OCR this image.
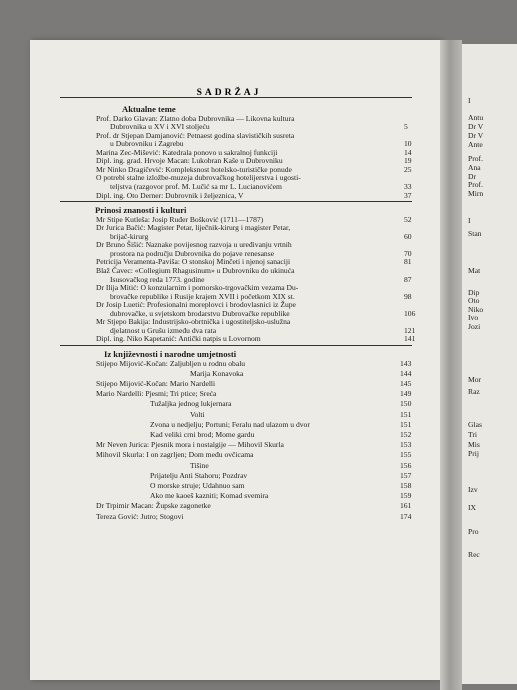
I
Antu
Dr V
Dr V
Ante
Prof.
Ana
Dr
Prof.
Mirn
I
Stan
Mat
Dip
Oto
Niko
Ivo
Jozi
Mor
Raz
Glas
Tri
Mis
Prij
Izv
IX
Pro
Rec
SADRŽAJ
Aktualne teme
Prof. Darko Glavan: Zlatno doba Dubrovnika — Likovna kultura
Dubrovnika u XV i XVI stoljeću	5
Prof. dr Stjepan Damjanović: Petnaest godina slavističkih susreta
u Dubrovniku i Zagrebu	10
Marina Zec-Mišević: Katedrala ponovo u sakralnoj funkciji	14
Dipl. ing. grad. Hrvoje Macan: Lukobran Kaše u Dubrovniku	19
Mr Ninko Dragičević: Kompleksnost hotelsko-turističke ponude	25
O potrebi stalne izložbe-muzeja dubrovačkog hotelijerstva i ugosti-
teljstva (razgovor prof. M. Lučić sa mr L. Lucianovićem	33
Dipl. ing. Oto Derner: Dubrovnik i željeznica, V	37
Prinosi znanosti i kulturi
Mr Stipe Kutleša: Josip Ruđer Bošković (1711—1787)	52
Dr Jurica Bačić: Magister Petar, liječnik-kirurg i magister Petar,
brijač-kirurg	60
Dr Bruno Šišić: Naznake povijesnog razvoja u uređivanju vrtnih
prostora na području Dubrovnika do pojave renesanse	70
Petricija Veramenta-Paviša: O stonskoj Minčeti i njenoj sanaciji	81
Blaž Čavec: «Collegium Rhagusinum» u Dubrovniku do ukinuća
Isusovačkog reda 1773. godine	87
Dr Ilija Mitić: O konzularnim i pomorsko-trgovačkim vezama Du-
brovačke republike i Rusije krajem XVII i početkom XIX st.	98
Dr Josip Luetić: Profesionalni moreplovci i brodovlasnici iz Župe
dubrovačke, u svjetskom brodarstvu Dubrovačke republike	106
Mr Stjepo Bakija: Industrijsko-obrtnička i ugostiteljsko-uslužna
djelatnost u Grušu između dva rata	121
Dipl. ing. Niko Kapetanić: Antički natpis u Lovornom	141
Iz književnosti i narodne umjetnosti
Stijepo Mijović-Kočan: Zaljubljen u rodnu obalu	143
Marija Konavoka	144
Stijepo Mijović-Kočan: Mario Nardelli	145
Mario Nardelli: Pjesmi; Tri ptice; Sreća	149
Tužaljka jednog lukjernara	150
Volti	151
Zvona u nedjelju; Portuni; Feralu nad ulazom u dvor	151
Kad veliki crni brod; Mome gardu	152
Mr Neven Jurica: Pjesnik mora i nostalgije — Mihovil Skurla	153
Mihovil Skurla: I on zagrljen; Dom među ovčicama	155
Tišine	156
Prijatelju Anti Stahoru; Pozdrav	157
O morske struje; Udahnuo sam	158
Ako me kaoeš kazniti; Komad svemira	159
Dr Trpimir Macan: Župske zagonetke	161
Tereza Gović: Jutro; Stogovi	174
